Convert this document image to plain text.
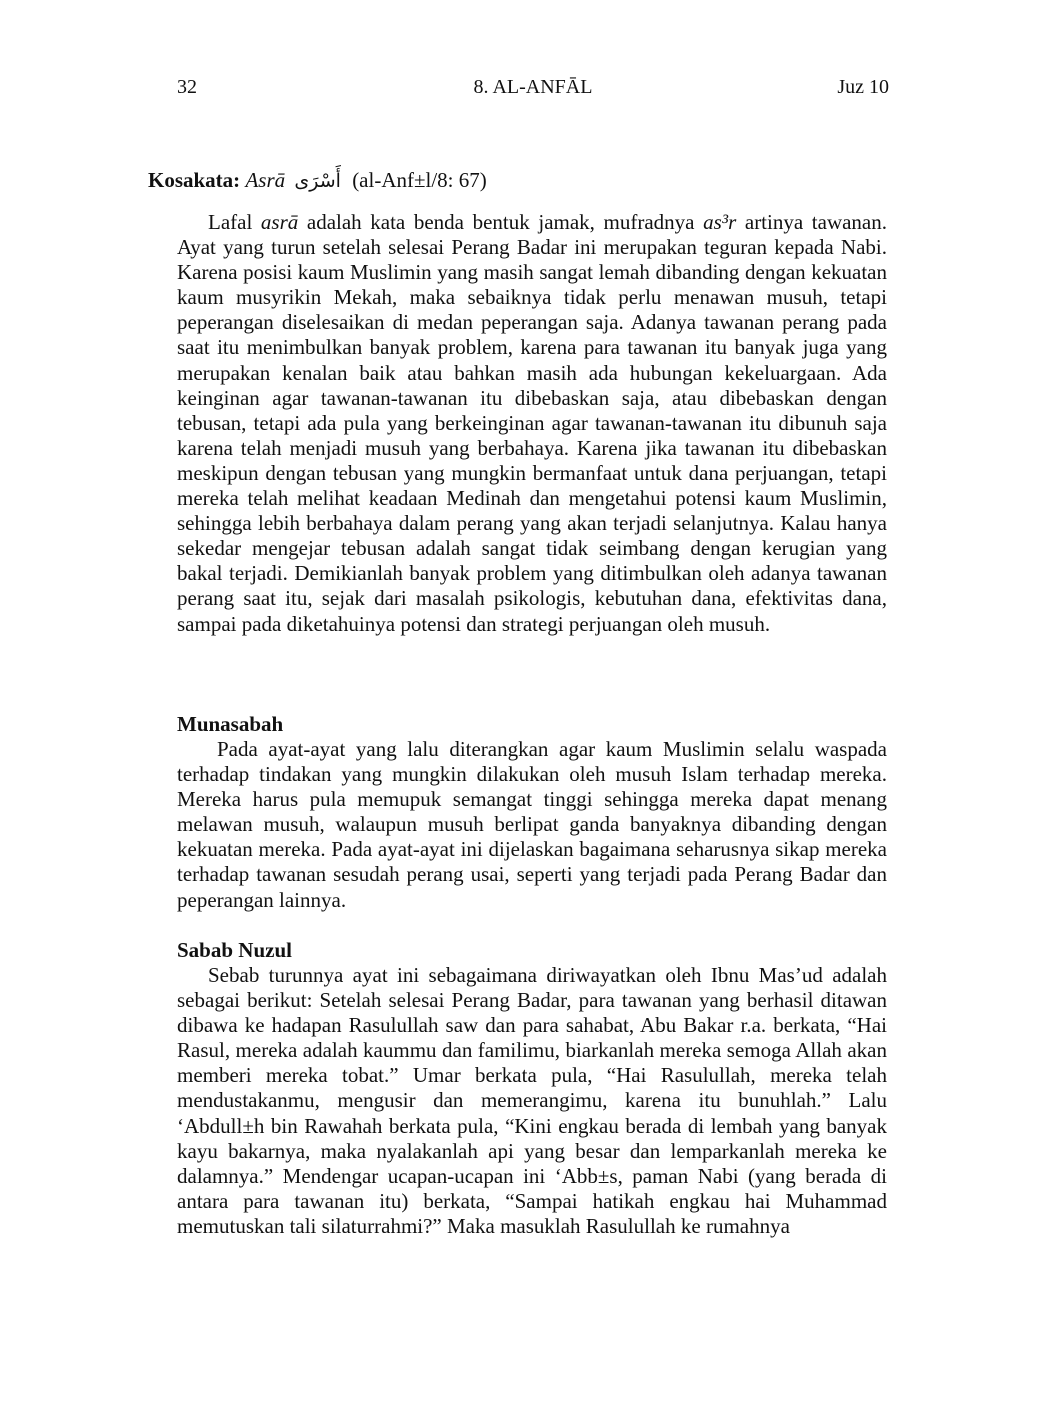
32	8. AL-ANFĀL	Juz 10
Kosakata: Asrā أَسْرَى (al-Anf±l/8: 67)

Lafal asrā adalah kata benda bentuk jamak, mufradnya as³r artinya tawanan. Ayat yang turun setelah selesai Perang Badar ini merupakan teguran kepada Nabi. Karena posisi kaum Muslimin yang masih sangat lemah dibanding dengan kekuatan kaum musyrikin Mekah, maka sebaiknya tidak perlu menawan musuh, tetapi peperangan diselesaikan di medan peperangan saja. Adanya tawanan perang pada saat itu menimbulkan banyak problem, karena para tawanan itu banyak juga yang merupakan kenalan baik atau bahkan masih ada hubungan kekeluargaan. Ada keinginan agar tawanan-tawanan itu dibebaskan saja, atau dibebaskan dengan tebusan, tetapi ada pula yang berkeinginan agar tawanan-tawanan itu dibunuh saja karena telah menjadi musuh yang berbahaya. Karena jika tawanan itu dibebaskan meskipun dengan tebusan yang mungkin bermanfaat untuk dana perjuangan, tetapi mereka telah melihat keadaan Medinah dan mengetahui potensi kaum Muslimin, sehingga lebih berbahaya dalam perang yang akan terjadi selanjutnya. Kalau hanya sekedar mengejar tebusan adalah sangat tidak seimbang dengan kerugian yang bakal terjadi. Demikianlah banyak problem yang ditimbulkan oleh adanya tawanan perang saat itu, sejak dari masalah psikologis, kebutuhan dana, efektivitas dana, sampai pada diketahuinya potensi dan strategi perjuangan oleh musuh.

Munasabah

Pada ayat-ayat yang lalu diterangkan agar kaum Muslimin selalu waspada terhadap tindakan yang mungkin dilakukan oleh musuh Islam terhadap mereka. Mereka harus pula memupuk semangat tinggi sehingga mereka dapat menang melawan musuh, walaupun musuh berlipat ganda banyaknya dibanding dengan kekuatan mereka. Pada ayat-ayat ini dijelaskan bagaimana seharusnya sikap mereka terhadap tawanan sesudah perang usai, seperti yang terjadi pada Perang Badar dan peperangan lainnya.

Sabab Nuzul

Sebab turunnya ayat ini sebagaimana diriwayatkan oleh Ibnu Mas’ud adalah sebagai berikut: Setelah selesai Perang Badar, para tawanan yang berhasil ditawan dibawa ke hadapan Rasulullah saw dan para sahabat, Abu Bakar r.a. berkata, “Hai Rasul, mereka adalah kaummu dan familimu, biarkanlah mereka semoga Allah akan memberi mereka tobat.” Umar berkata pula, “Hai Rasulullah, mereka telah mendustakanmu, mengusir dan memerangimu, karena itu bunuhlah.” Lalu ‘Abdull±h bin Rawahah berkata pula, “Kini engkau berada di lembah yang banyak kayu bakarnya, maka nyalakanlah api yang besar dan lemparkanlah mereka ke dalamnya.” Mendengar ucapan-ucapan ini ‘Abb±s, paman Nabi (yang berada di antara para tawanan itu) berkata, “Sampai hatikah engkau hai Muhammad memutuskan tali silaturrahmi?” Maka masuklah Rasulullah ke rumahnya
